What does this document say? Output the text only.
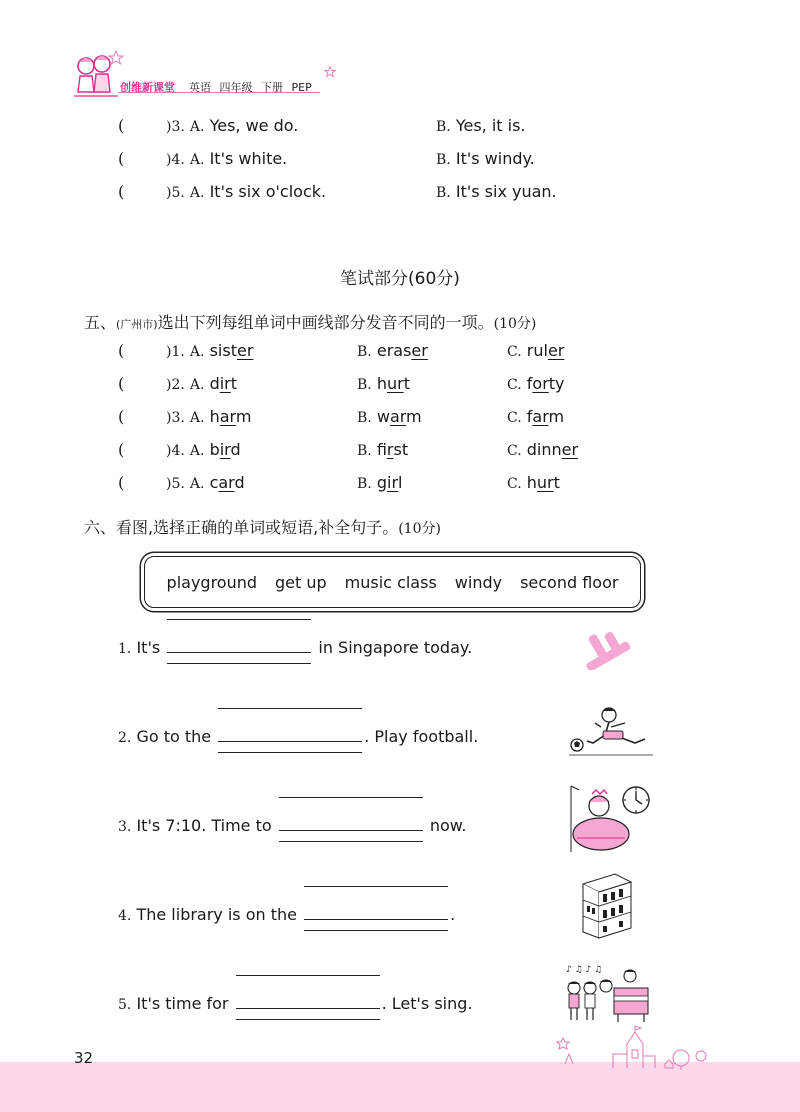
创维新课堂 英语 四年级 下册 PEP
(	)3. A. Yes, we do.	B. Yes, it is.
(	)4. A. It's white.	B. It's windy.
(	)5. A. It's six o'clock.	B. It's six yuan.
笔试部分(60分)
五、(广州市)选出下列每组单词中画线部分发音不同的一项。(10分)
(	)1. A. sister	B. eraser	C. ruler
(	)2. A. dirt	B. hurt	C. forty
(	)3. A. harm	B. warm	C. farm
(	)4. A. bird	B. first	C. dinner
(	)5. A. card	B. girl	C. hurt
六、看图,选择正确的单词或短语,补全句子。(10分)
playground get up music class windy second floor
1. It's	in Singapore today.
2. Go to the	. Play football.
3. It's 7:10. Time to	now.
4. The library is on the	.
5. It's time for	. Let's sing.
♪ ♫ ♪ ♫
32
